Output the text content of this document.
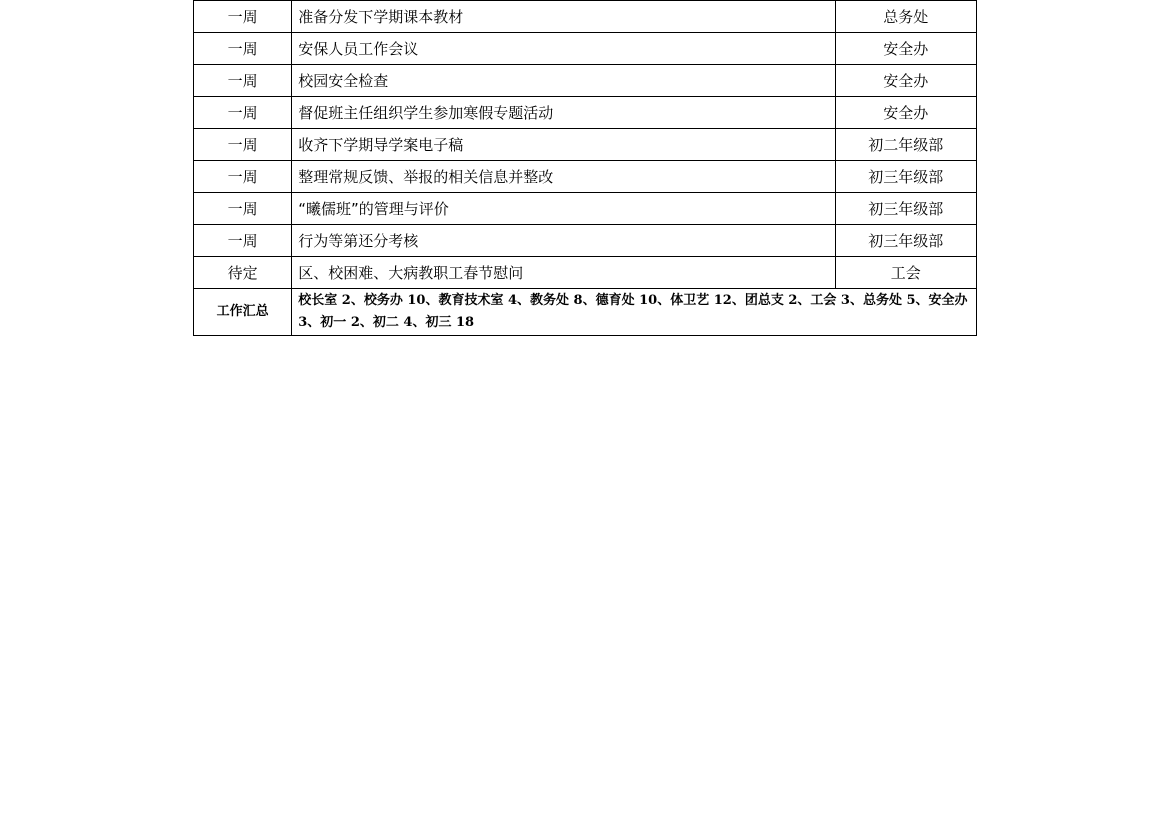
一周	准备分发下学期课本教材	总务处
一周	安保人员工作会议	安全办
一周	校园安全检查	安全办
一周	督促班主任组织学生参加寒假专题活动	安全办
一周	收齐下学期导学案电子稿	初二年级部
一周	整理常规反馈、举报的相关信息并整改	初三年级部
一周	“曦儒班”的管理与评价	初三年级部
一周	行为等第还分考核	初三年级部
待定	区、校困难、大病教职工春节慰问	工会
工作汇总	校长室 2、校务办 10、教育技术室 4、教务处 8、德育处 10、体卫艺 12、团总支 2、工会 3、总务处 5、安全办 3、初一 2、初二 4、初三 18	
